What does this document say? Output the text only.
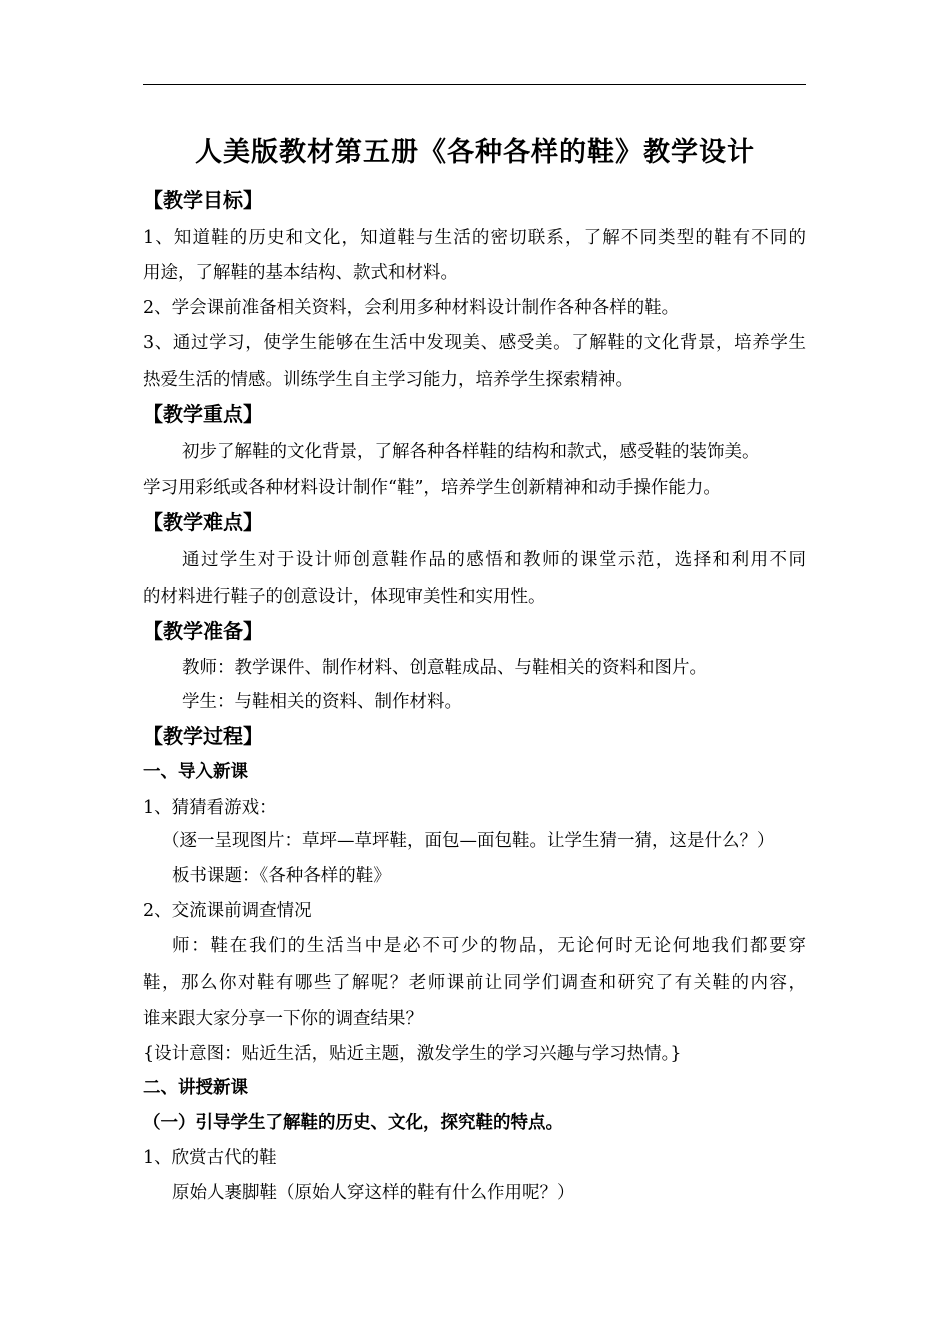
人美版教材第五册《各种各样的鞋》教学设计
【教学目标】
1、知道鞋的历史和文化，知道鞋与生活的密切联系，了解不同类型的鞋有不同的
用途，了解鞋的基本结构、款式和材料。
2、学会课前准备相关资料，会利用多种材料设计制作各种各样的鞋。
3、通过学习，使学生能够在生活中发现美、感受美。了解鞋的文化背景，培养学生
热爱生活的情感。训练学生自主学习能力，培养学生探索精神。
【教学重点】
初步了解鞋的文化背景，了解各种各样鞋的结构和款式，感受鞋的装饰美。
学习用彩纸或各种材料设计制作“鞋”，培养学生创新精神和动手操作能力。
【教学难点】
通过学生对于设计师创意鞋作品的感悟和教师的课堂示范，选择和利用不同
的材料进行鞋子的创意设计，体现审美性和实用性。
【教学准备】
教师：教学课件、制作材料、创意鞋成品、与鞋相关的资料和图片。
学生：与鞋相关的资料、制作材料。
【教学过程】
一、导入新课
1、猜猜看游戏：
（逐一呈现图片：草坪—草坪鞋，面包—面包鞋。让学生猜一猜，这是什么？）
板书课题：《各种各样的鞋》
2、交流课前调查情况
师：鞋在我们的生活当中是必不可少的物品，无论何时无论何地我们都要穿
鞋，那么你对鞋有哪些了解呢？老师课前让同学们调查和研究了有关鞋的内容，
谁来跟大家分享一下你的调查结果？
{设计意图：贴近生活，贴近主题，激发学生的学习兴趣与学习热情。}
二、讲授新课
（一）引导学生了解鞋的历史、文化，探究鞋的特点。
1、欣赏古代的鞋
原始人裹脚鞋（原始人穿这样的鞋有什么作用呢？）
